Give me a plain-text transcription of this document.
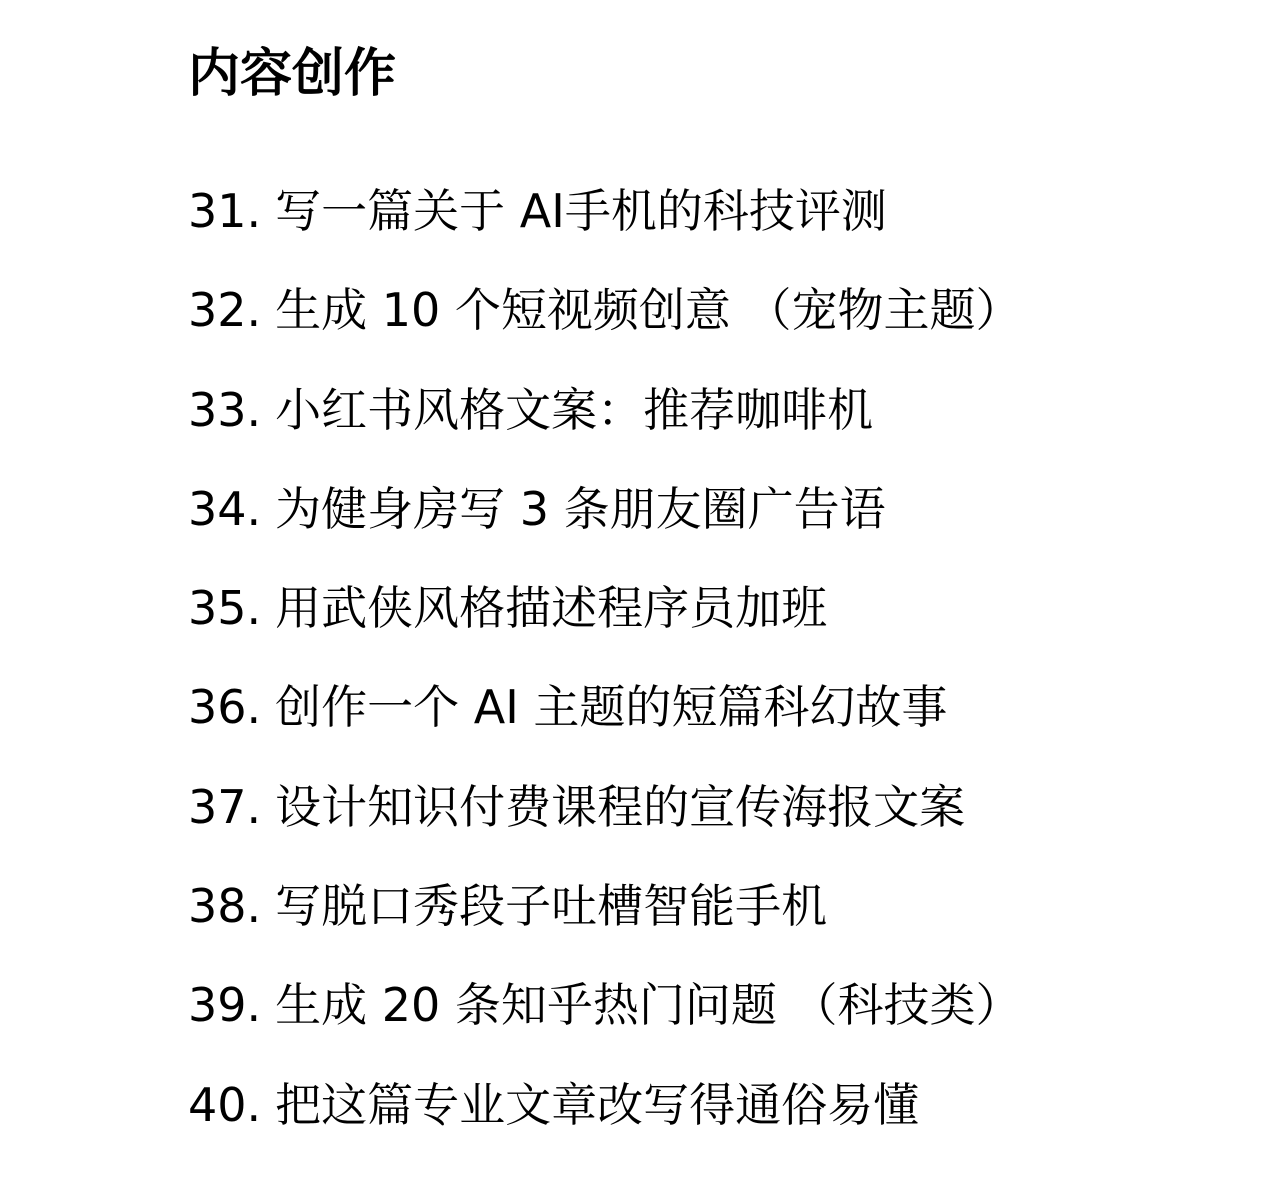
内容创作
31. 写一篇关于 AI手机的科技评测
32. 生成 10 个短视频创意 （宠物主题）
33. 小红书风格文案：推荐咖啡机
34. 为健身房写 3 条朋友圈广告语
35. 用武侠风格描述程序员加班
36. 创作一个 AI 主题的短篇科幻故事
37. 设计知识付费课程的宣传海报文案
38. 写脱口秀段子吐槽智能手机
39. 生成 20 条知乎热门问题 （科技类）
40. 把这篇专业文章改写得通俗易懂
